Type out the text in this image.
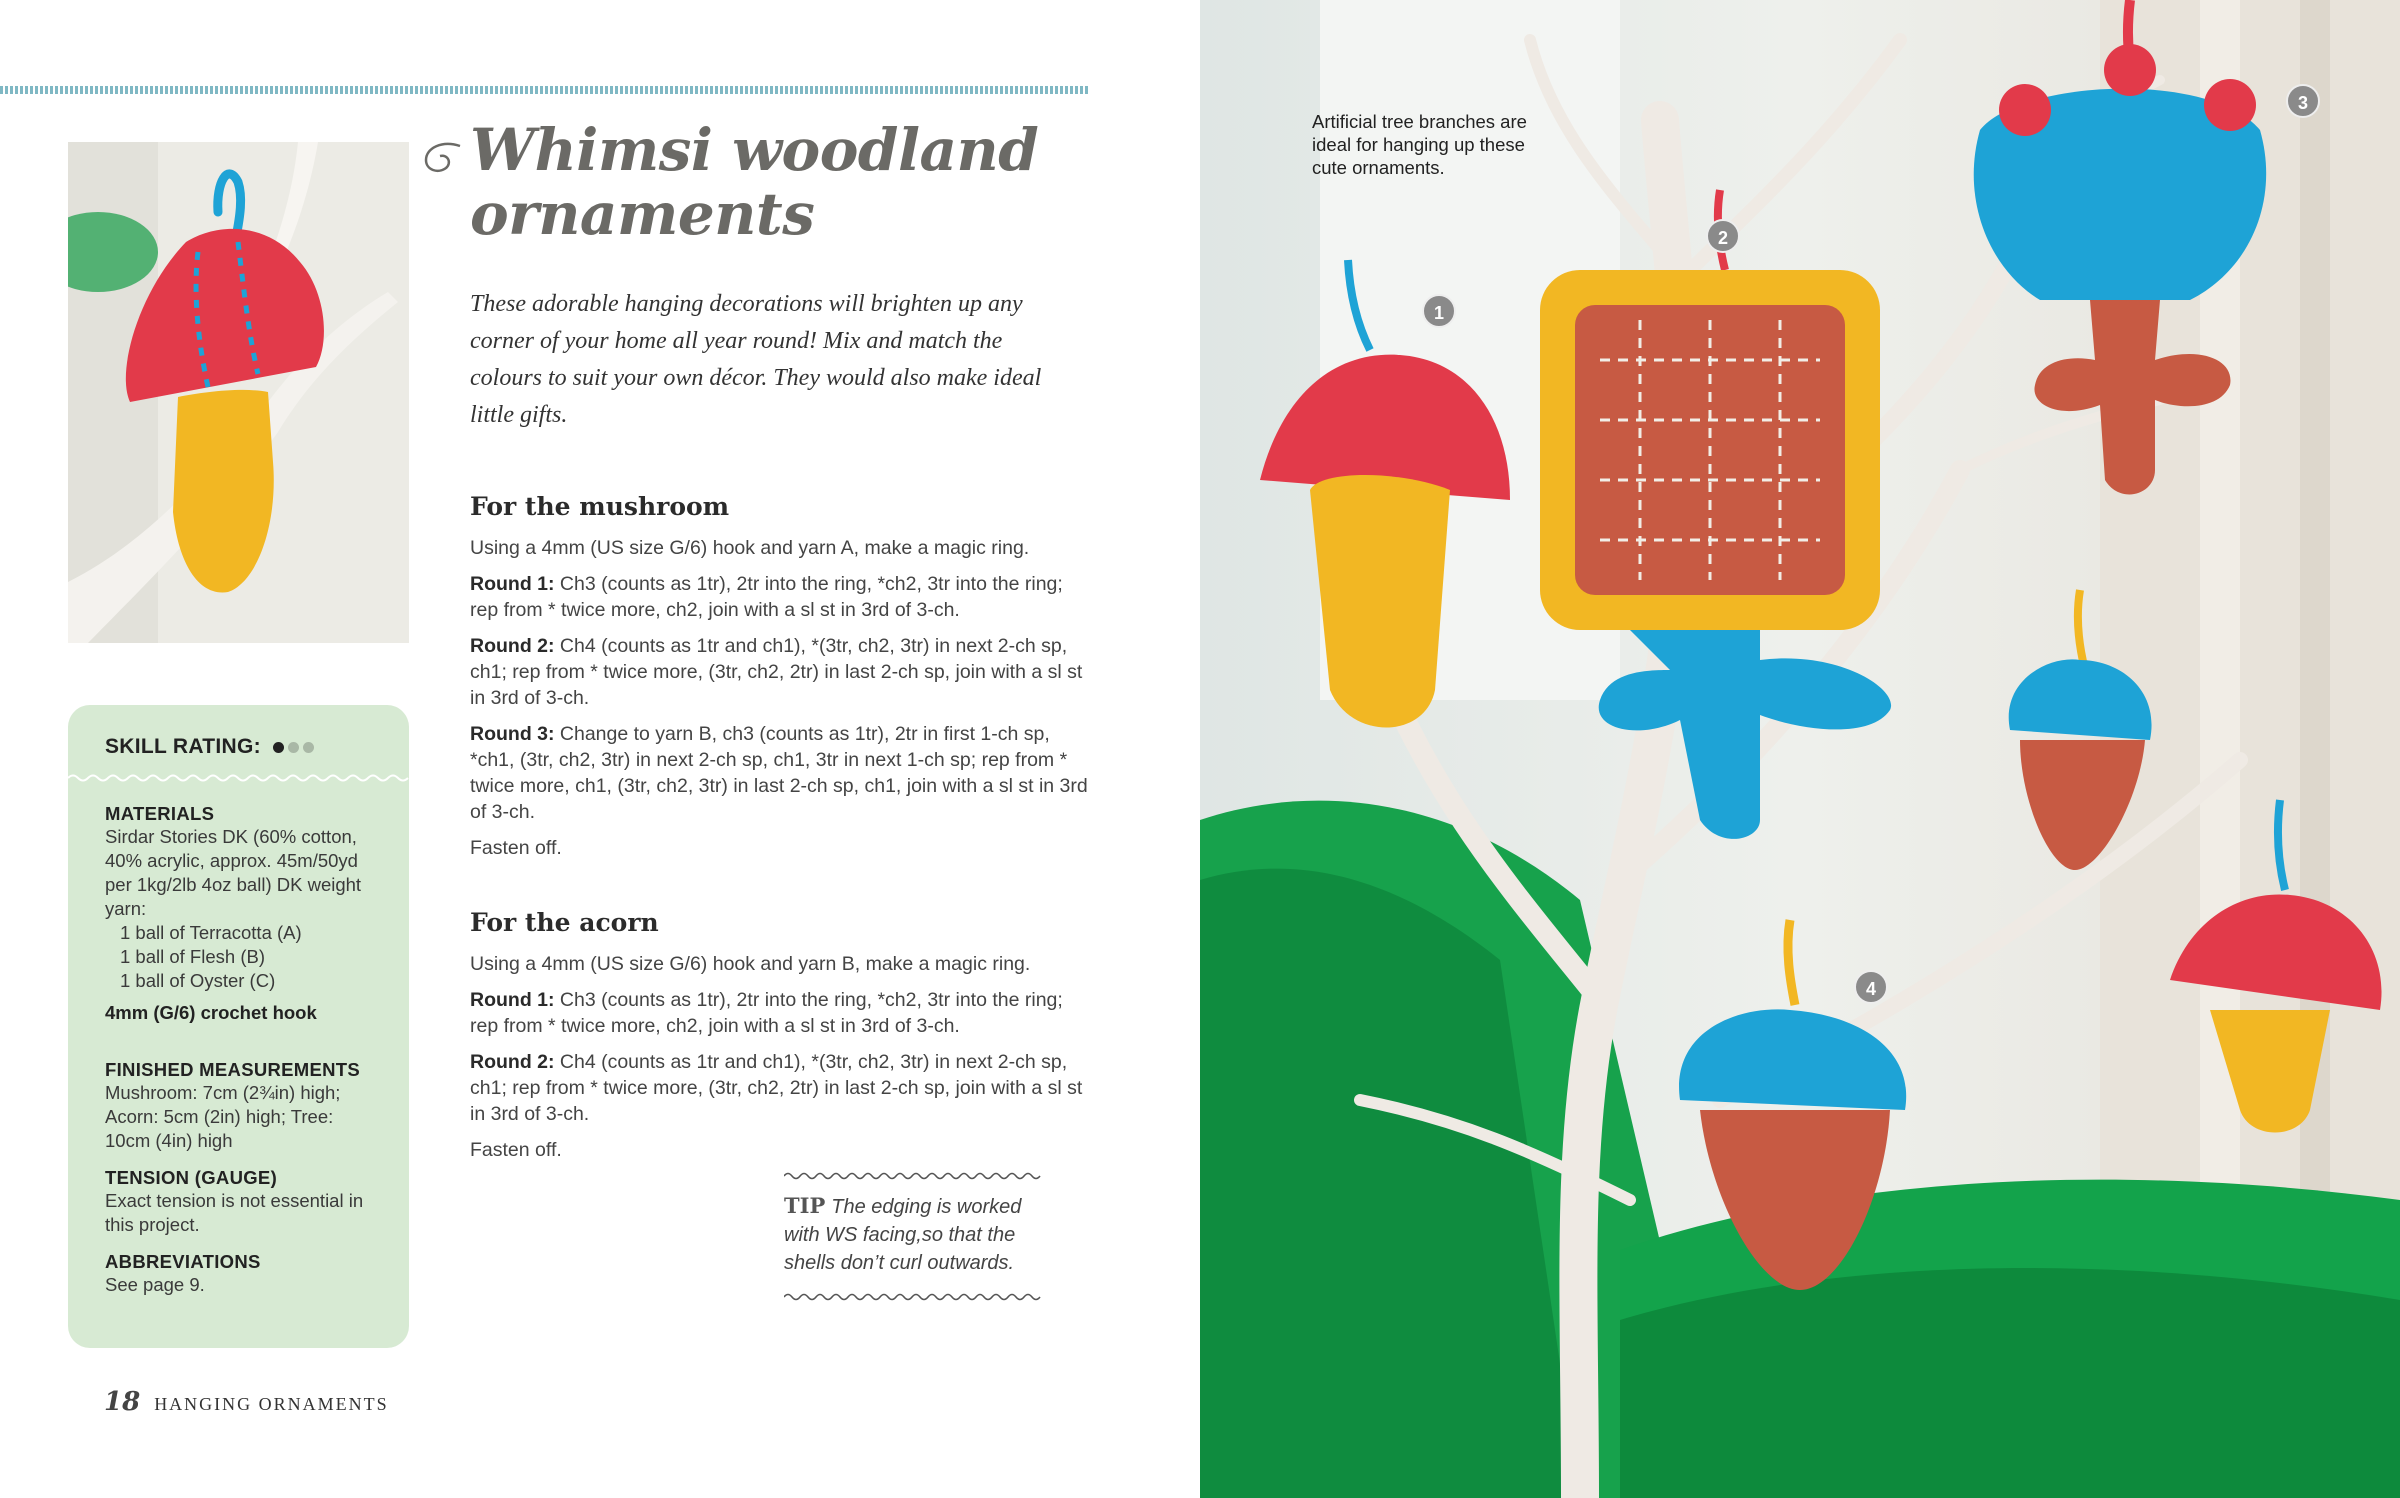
SKILL RATING:
MATERIALS
Sirdar Stories DK (60% cotton, 40% acrylic, approx. 45m/50yd per 1kg/2lb 4oz ball) DK weight yarn:
1 ball of Terracotta (A)
1 ball of Flesh (B)
1 ball of Oyster (C)
4mm (G/6) crochet hook
FINISHED MEASUREMENTS
Mushroom: 7cm (2¾in) high; Acorn: 5cm (2in) high; Tree: 10cm (4in) high
TENSION (GAUGE)
Exact tension is not essential in this project.
ABBREVIATIONS
See page 9.
18 HANGING ORNAMENTS
Whimsi woodland ornaments

These adorable hanging decorations will brighten up any corner of your home all year round! Mix and match the colours to suit your own décor. They would also make ideal little gifts.

For the mushroom

Using a 4mm (US size G/6) hook and yarn A, make a magic ring.

Round 1: Ch3 (counts as 1tr), 2tr into the ring, *ch2, 3tr into the ring; rep from * twice more, ch2, join with a sl st in 3rd of 3-ch.

Round 2: Ch4 (counts as 1tr and ch1), *(3tr, ch2, 3tr) in next 2-ch sp, ch1; rep from * twice more, (3tr, ch2, 2tr) in last 2-ch sp, join with a sl st in 3rd of 3-ch.

Round 3: Change to yarn B, ch3 (counts as 1tr), 2tr in first 1-ch sp, *ch1, (3tr, ch2, 3tr) in next 2-ch sp, ch1, 3tr in next 1-ch sp; rep from * twice more, ch1, (3tr, ch2, 3tr) in last 2-ch sp, ch1, join with a sl st in 3rd of 3-ch.

Fasten off.

For the acorn

Using a 4mm (US size G/6) hook and yarn B, make a magic ring.

Round 1: Ch3 (counts as 1tr), 2tr into the ring, *ch2, 3tr into the ring; rep from * twice more, ch2, join with a sl st in 3rd of 3-ch.

Round 2: Ch4 (counts as 1tr and ch1), *(3tr, ch2, 3tr) in next 2-ch sp, ch1; rep from * twice more, (3tr, ch2, 2tr) in last 2-ch sp, join with a sl st in 3rd of 3-ch.

Fasten off.

TIP The edging is worked with WS facing,so that the shells don’t curl outwards.
Artificial tree branches are ideal for hanging up these cute ornaments.
1
2
3
4
